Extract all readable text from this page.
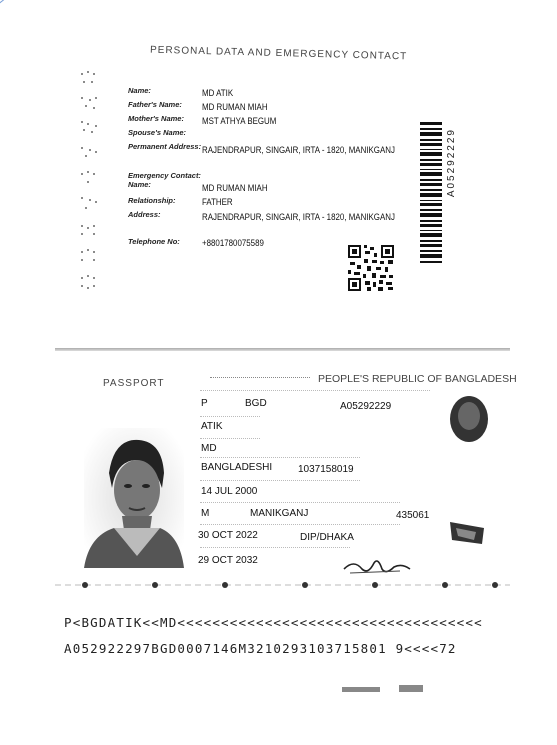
PERSONAL DATA AND EMERGENCY CONTACT
Name:	MD ATIK
Father's Name: MD RUMAN MIAH
Mother's Name: MST ATHYA BEGUM
Spouse's Name:
Permanent Address: RAJENDRAPUR, SINGAIR, IRTA - 1820, MANIKGANJ
Emergency Contact:
Name:	MD RUMAN MIAH
Relationship:	FATHER
Address:	RAJENDRAPUR, SINGAIR, IRTA - 1820, MANIKGANJ
Telephone No: +8801780075589
A05292229
PASSPORT	PEOPLE'S REPUBLIC OF BANGLADESH
P	BGD	A05292229
ATIK
MD
BANGLADESHI	1037158019
14 JUL 2000
M	MANIKGANJ	435061
30 OCT 2022	DIP/DHAKA
29 OCT 2032
P<BGDATIK<<MD<<<<<<<<<<<<<<<<<<<<<<<<<<<<<<<<<<<
A052922297BGD0007146M3210293103715801 9<<<<72
